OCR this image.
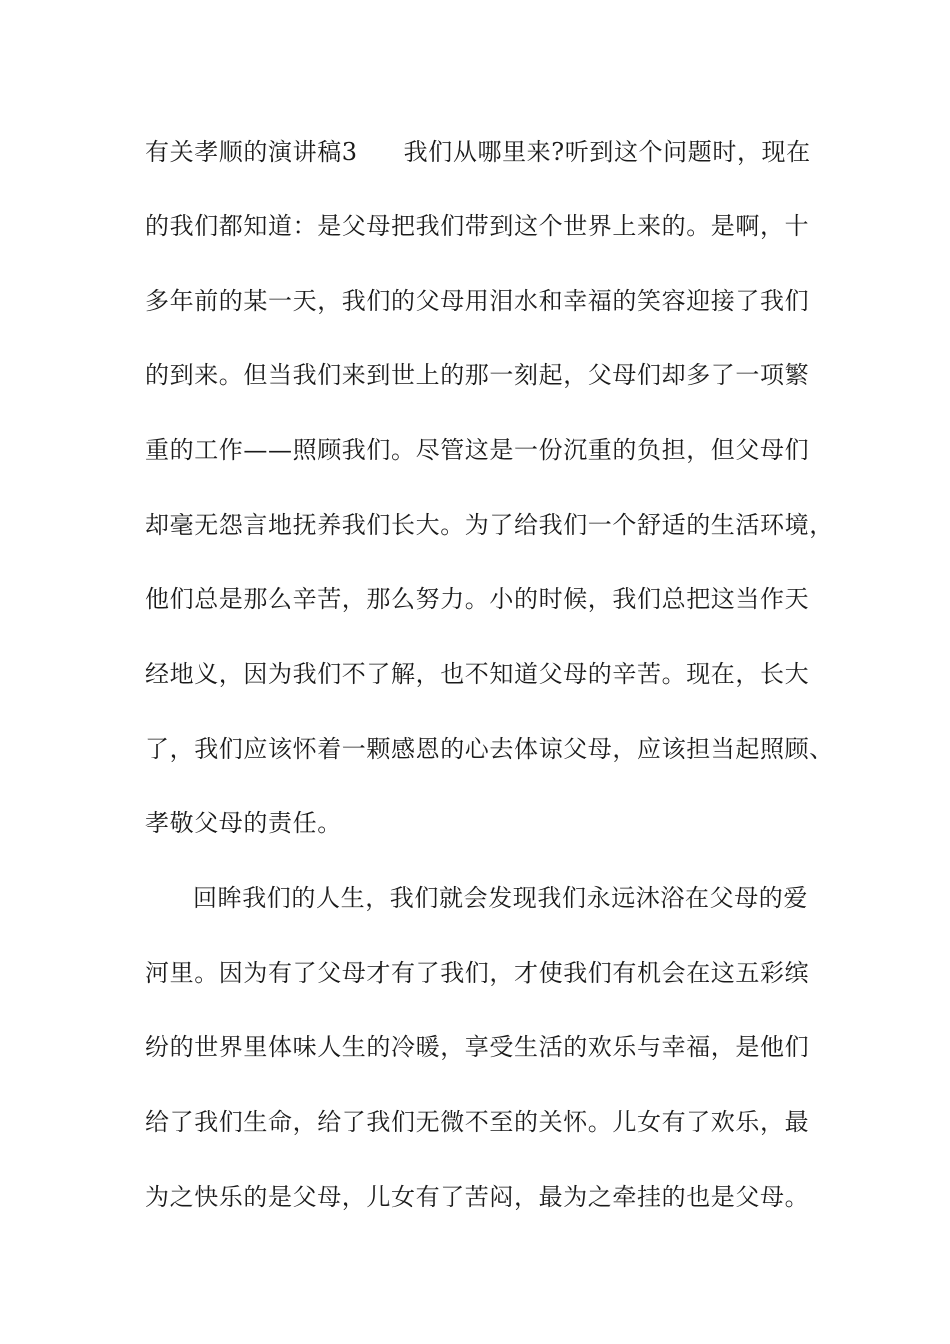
有关孝顺的演讲稿3 我们从哪里来?听到这个问题时，现在
的我们都知道：是父母把我们带到这个世界上来的。是啊，十
多年前的某一天，我们的父母用泪水和幸福的笑容迎接了我们
的到来。但当我们来到世上的那一刻起，父母们却多了一项繁
重的工作——照顾我们。尽管这是一份沉重的负担，但父母们
却毫无怨言地抚养我们长大。为了给我们一个舒适的生活环境，
他们总是那么辛苦，那么努力。小的时候，我们总把这当作天
经地义，因为我们不了解，也不知道父母的辛苦。现在，长大
了，我们应该怀着一颗感恩的心去体谅父母，应该担当起照顾、
孝敬父母的责任。
回眸我们的人生，我们就会发现我们永远沐浴在父母的爱
河里。因为有了父母才有了我们，才使我们有机会在这五彩缤
纷的世界里体味人生的冷暖，享受生活的欢乐与幸福，是他们
给了我们生命，给了我们无微不至的关怀。儿女有了欢乐，最
为之快乐的是父母，儿女有了苦闷，最为之牵挂的也是父母。
